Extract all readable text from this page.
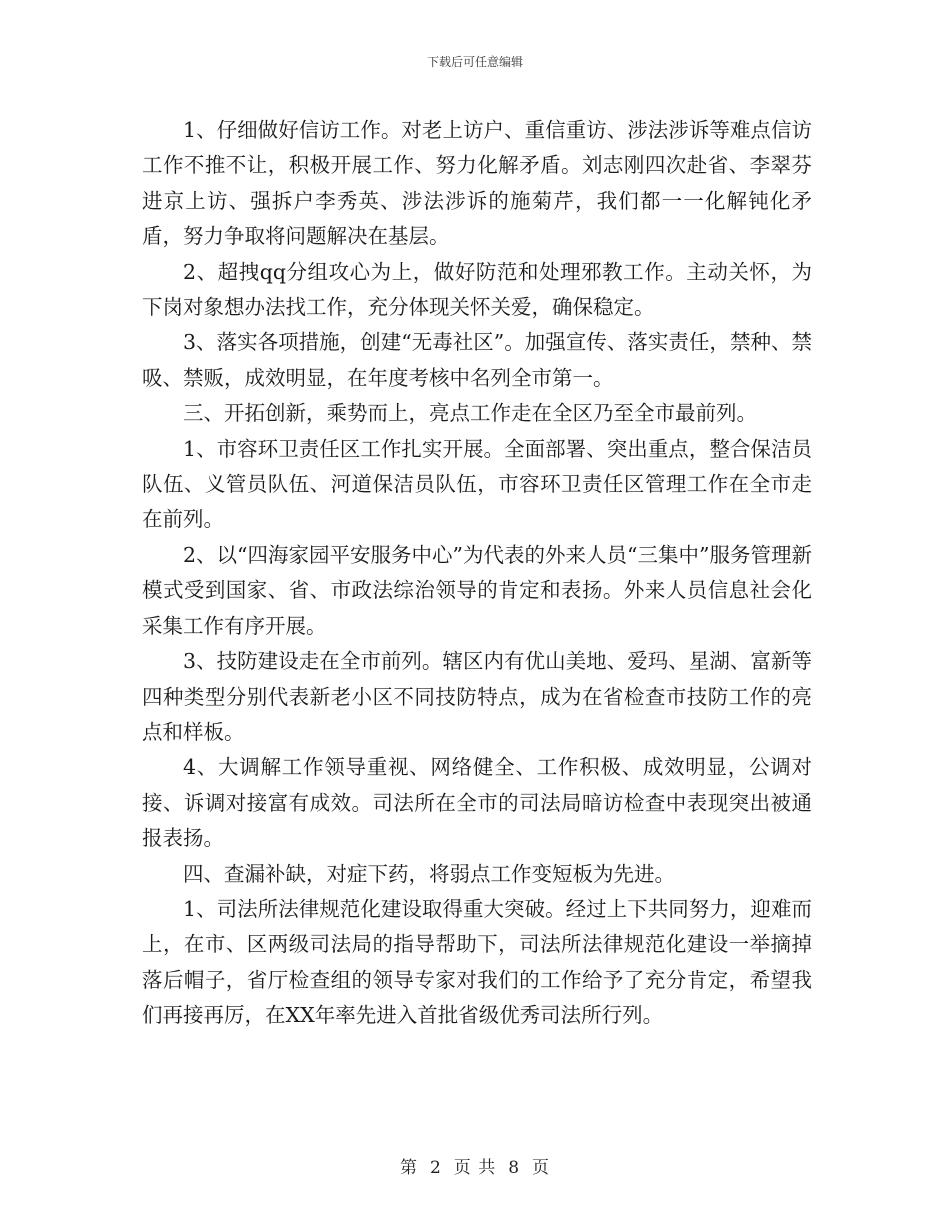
下载后可任意编辑

1、仔细做好信访工作。对老上访户、重信重访、涉法涉诉等难点信访工作不推不让，积极开展工作、努力化解矛盾。刘志刚四次赴省、李翠芬进京上访、强拆户李秀英、涉法涉诉的施菊芹，我们都一一化解钝化矛盾，努力争取将问题解决在基层。

2、超拽qq分组攻心为上，做好防范和处理邪教工作。主动关怀，为下岗对象想办法找工作，充分体现关怀关爱，确保稳定。

3、落实各项措施，创建“无毒社区”。加强宣传、落实责任，禁种、禁吸、禁贩，成效明显，在年度考核中名列全市第一。

三、开拓创新，乘势而上，亮点工作走在全区乃至全市最前列。

1、市容环卫责任区工作扎实开展。全面部署、突出重点，整合保洁员队伍、义管员队伍、河道保洁员队伍，市容环卫责任区管理工作在全市走在前列。

2、以“四海家园平安服务中心”为代表的外来人员“三集中”服务管理新模式受到国家、省、市政法综治领导的肯定和表扬。外来人员信息社会化采集工作有序开展。

3、技防建设走在全市前列。辖区内有优山美地、爱玛、星湖、富新等四种类型分别代表新老小区不同技防特点，成为在省检查市技防工作的亮点和样板。

4、大调解工作领导重视、网络健全、工作积极、成效明显，公调对接、诉调对接富有成效。司法所在全市的司法局暗访检查中表现突出被通报表扬。

四、查漏补缺，对症下药，将弱点工作变短板为先进。

1、司法所法律规范化建设取得重大突破。经过上下共同努力，迎难而上，在市、区两级司法局的指导帮助下，司法所法律规范化建设一举摘掉落后帽子，省厅检查组的领导专家对我们的工作给予了充分肯定，希望我们再接再厉，在XX年率先进入首批省级优秀司法所行列。

第 2 页 共 8 页
